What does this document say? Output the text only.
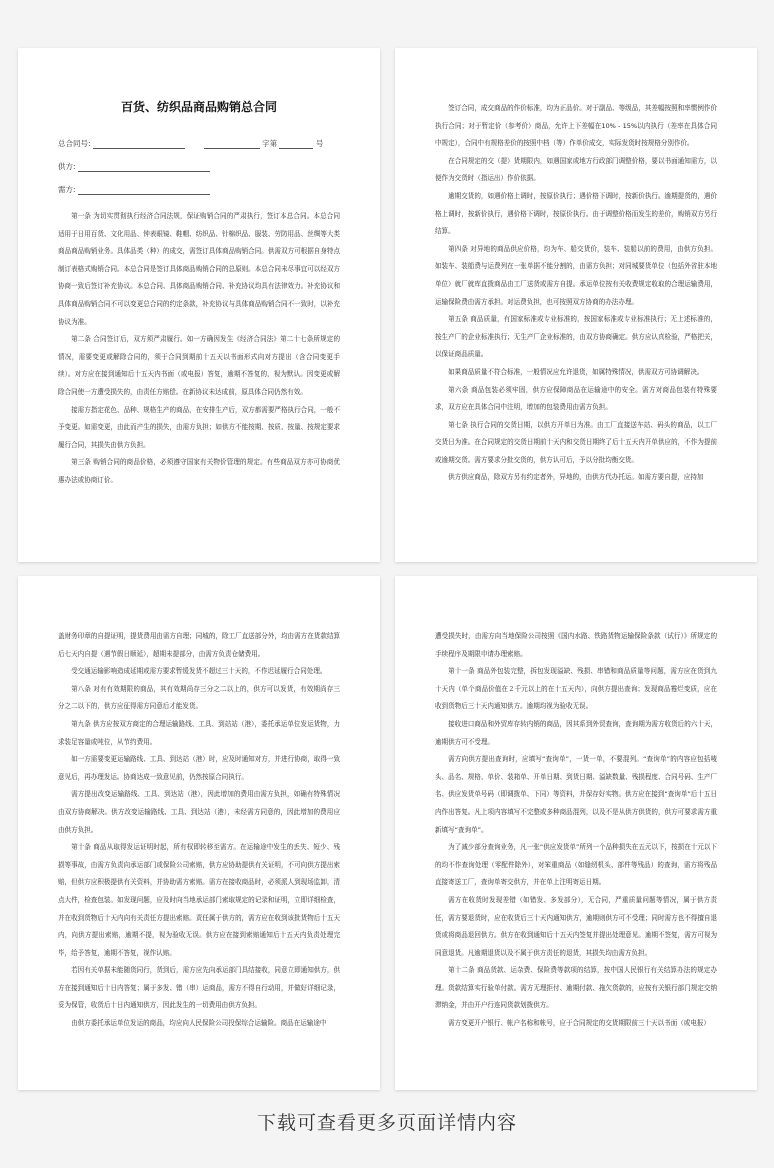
百货、纺织品商品购销总合同
总合同号:	字第	号
供方:
需方:

第一条 为切实贯彻执行经济合同法规，保证购销合同的严肃执行，签订本总合同。本总合同适用于日用百货、文化用品、钟表眼镜、鞋帽、纺织品、针棉织品、服装、劳防用品、丝绸等大类商品商品购销业务。具体品类（种）的成交，需签订具体商品购销合同。供需双方可根据自身特点制订表格式购销合同。本总合同是签订具体商品购销合同的总原则。本总合同未尽事宜可以经双方协商一致后签订补充协议。本总合同、具体商品购销合同、补充协议均具有法律效力。补充协议和具体商品购销合同不可以变更总合同的约定条款，补充协议与具体商品购销合同不一致时，以补充协议为准。

第二条 合同签订后，双方须严肃履行。如一方确因发生《经济合同法》第二十七条所规定的情况，需要变更或解除合同的，须于合同到期前十五天以书面形式向对方提出（含合同变更手续）。对方应在接到通知后十五天内书面（或电报）答复，逾期不答复的，视为默认。因变更或解除合同使一方遭受损失的，由责任方赔偿。在新协议未达成前，原具体合同仍然有效。

接需方指定花色、品种、规格生产的商品，在安排生产后，双方都需要严格执行合同，一般不予变更。如需变更，由此而产生的损失，由需方负担；如供方不能按期、按质、按量、按规定要求履行合同，其损失由供方负担。

第三条 购销合同的商品价格，必须遵守国家有关物价管理的规定。有些商品双方亦可协商优惠办法或协商订价。

签订合同，成交商品的作价标准，均为正品价。对于副品、等级品，其差幅按照和率惯例作价执行合同；对于暂定价（参考价）商品，允许上下差幅在10% - 15%以内执行（差率在具体合同中规定），合同中有规格差价的按照中档（等）作单价成交，实际发货时按规格分别作价。

在合同规定的交（提）货期限内，如遇国家或地方行政部门调整价格，要以书面通知需方，以便作为交货时（指运出）作价依据。

逾期交货的，如遇价格上调时，按原价执行；遇价格下调时，按新价执行。逾期提货的，遇价格上调时，按新价执行，遇价格下调时，按原价执行。由于调整价格而发生的差价，购销双方另行结算。

第四条 对异地的商品供应价格，均为车、船交货价，装车、装船以前的费用，由供方负担。如装车、装船费与运费列在一张单据不能分割的，由需方负担；对同城要货单位（包括外省驻本地单位）就厂就库直拨商品由工厂送货或需方自提。承运单位按有关收费规定收取的合理运输费用，运输保险费由需方承担。对运费负担，也可按照双方协商的办法办理。

第五条 商品质量，有国家标准或专业标准的，按国家标准或专业标准执行；无上述标准的，按生产厂的企业标准执行；无生产厂企业标准的，由双方协商确定。供方应认真检验，严格把关，以保证商品质量。

如果商品质量不符合标准，一般情况应允许退货，如属特殊情况，供需双方可协调解决。

第六条 商品包装必须牢固，供方应保障商品在运输途中的安全。需方对商品包装有特殊要求，双方应在具体合同中注明，增加的包装费用由需方负担。

第七条 执行合同的交货日期，以供方开单日为准。由工厂直接送车站、码头的商品，以工厂交货日为准。在合同规定的交货日期前十天内和交货日期终了后十五天内开单供应的，不作为提前或逾期交货。需方要求分批交货的，供方认可后，予以分批均衡交货。

供方供应商品，除双方另有约定者外，异地的，由供方代办托运。如需方要自提，应持加

盖财务印章的自提证明，提货费用由需方自理；同城的，除工厂直送部分外，均由需方在货款结算后七天内自提（遇节假日顺延），超期未提部分，由需方负责仓储费用。

受交通运输影响造成延期或需方要求暂缓发货不超过三十天的，不作迟延履行合同处理。

第八条 对有有效期限的商品，其有效期尚存三分之二以上的，供方可以发货，有效期尚存三分之二以下的，供方应征得需方同意后才能发货。

第九条 供方应按双方商定的合理运输路线、工具、到站站（港），委托承运单位发运货物，力求装足容量或吨位，从节约费用。

如一方需要变更运输路线、工具、到达站（港）时，应及时通知对方，并进行协商，取得一致意见后，再办理发运。协商达成一致意见前，仍然按原合同执行。

需方提出改变运输路线、工具、到达站（港），因此增加的费用由需方负担，如确有特殊情况由双方协商解决。供方改变运输路线、工具、到达站（港），未经需方同意的，因此增加的费用应由供方负担。

第十条 商品从取得发运证明时起，所有权即转移至需方。在运输途中发生的丢失、短少、残损等事故，由需方负责向承运部门或保险公司索赔，供方应协助提供有关证明，不可向供方提出索赔，但供方应积极提供有关资料，并协助需方索赔。需方在接收商品时，必须派人到现场监卸，清点大件，检查包装。如发现问题，应及时向当地承运部门索取规定的记录和证明，立即详细检查，并在收到货物后十天内向有关责任方提出索赔。责任属于供方的，需方应在收到该批货物后十五天内，向供方提出索赔，逾期不提，视为验收无误。供方应在接到索赔通知后十五天内负责处理完毕，给予答复，逾期不答复，视作认赔。

若因有关单据未能随货同行，货到后，需方应先向承运部门具结接收，同意立即通知供方，供方在接到通知后十日内答复；属于多发、错（串）运商品，需方不得自行动用，并做好详细记录，妥为保管，收货后十日内通知供方，因此发生的一切费用由供方负担。

由供方委托承运单位发运的商品，均应向人民保险公司投保综合运输险。商品在运输途中

遭受损失时，由需方向当地保险公司按照《国内水路、铁路货物运输保险条款（试行）》所规定的手续程序及期限申请办理索赔。

第十一条 商品外包装完整，拆包发现溢缺、残损、串错和商品质量等问题，需方应在货到九十天内（单个商品价值在２千元以上的在十五天内），向供方提出查询；发现商品霉烂变质，应在收到货物后三十天内通知供方。逾期均视为验收无误。

接收进口商品和外贸库存转内销的商品，因其系到外贸查询，查询期为需方收货后的六十天，逾期供方可不受理。

需方向供方提出查询时，应填写“查询单”，一货一单，不要混列。“查询单”的内容应包括唛头、品名、规格、单价、装箱单、开单日期、到货日期、溢缺数量、残损程度、合同号码、生产厂名、供应发货单号码（即调拨单、下同）等资料，并保存好实物。供方应在接到“查询单”后十五日内作出答复。凡上项内容填写不完整或多种商品混列，以及不是从供方供货的，供方可要求需方重新填写“查询单”。

为了减少部分查询业务，凡一张“供应发货单”所列一个品种损失在五元以下，按损在十元以下的均不作查询处理（零配件除外），对笨重商品（如缝纫机头、部件等残品）的查询，需方将残品直接寄送工厂，查询单寄交供方，并在单上注明寄运日期。

需方在收货时发现差错（如错发、多发部分），无合同，严重质量问题等情况，属于供方责任，需方要退货时，应在收货后三十天内通知供方，逾期则供方可不受理；同时需方也不得擅自退货或将商品退回供方。供方在收到通知后十五天内签复并提出处理意见。逾期不签复，需方可视为同意退货。凡逾期退货以及不属于供方责任的退货，其损失均由需方负担。

第十二条 商品货款、运杂费、保险费等款项的结算，按中国人民银行有关结算办法的规定办理。货款结算实行验单付款。需方无理拒付、逾期付款、拖欠货款的，应按有关银行部门规定交纳滞纳金，并由开户行连同货款划拨供方。

需方变更开户银行、帐户名称和帐号，应于合同规定的交货期限前三十天以书面（或电报）

下载可查看更多页面详情内容
